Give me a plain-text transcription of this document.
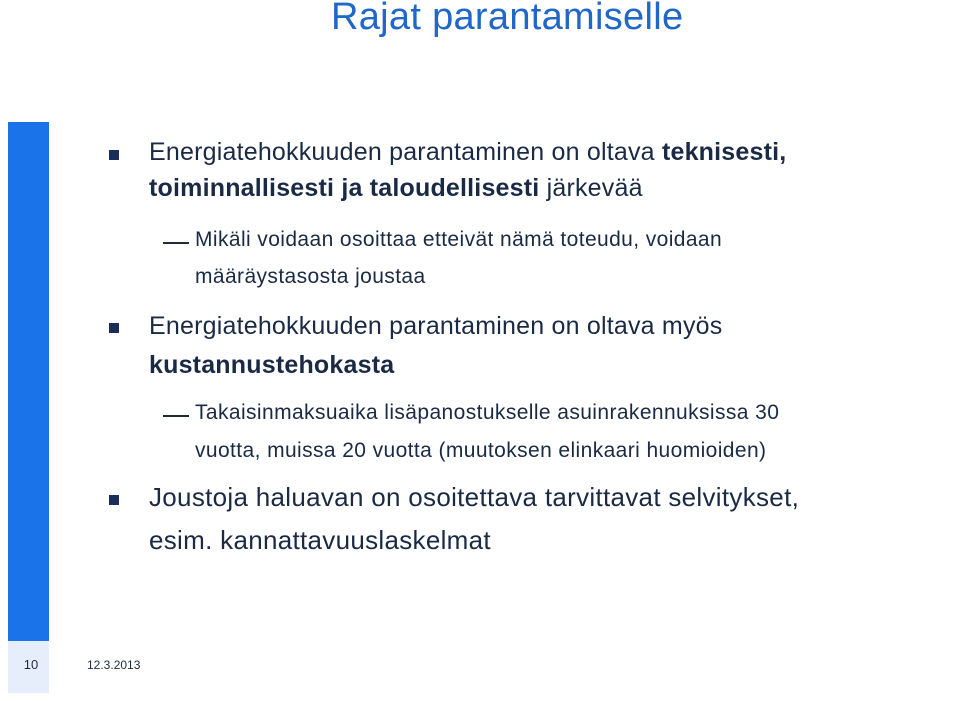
Rajat parantamiselle
10	12.3.2013
Energiatehokkuuden parantaminen on oltava teknisesti,
toiminnallisesti ja taloudellisesti järkevää
Mikäli voidaan osoittaa etteivät nämä toteudu, voidaan
määräystasosta joustaa
Energiatehokkuuden parantaminen on oltava myös
kustannustehokasta
Takaisinmaksuaika lisäpanostukselle asuinrakennuksissa 30
vuotta, muissa 20 vuotta (muutoksen elinkaari huomioiden)
Joustoja haluavan on osoitettava tarvittavat selvitykset,
esim. kannattavuuslaskelmat
